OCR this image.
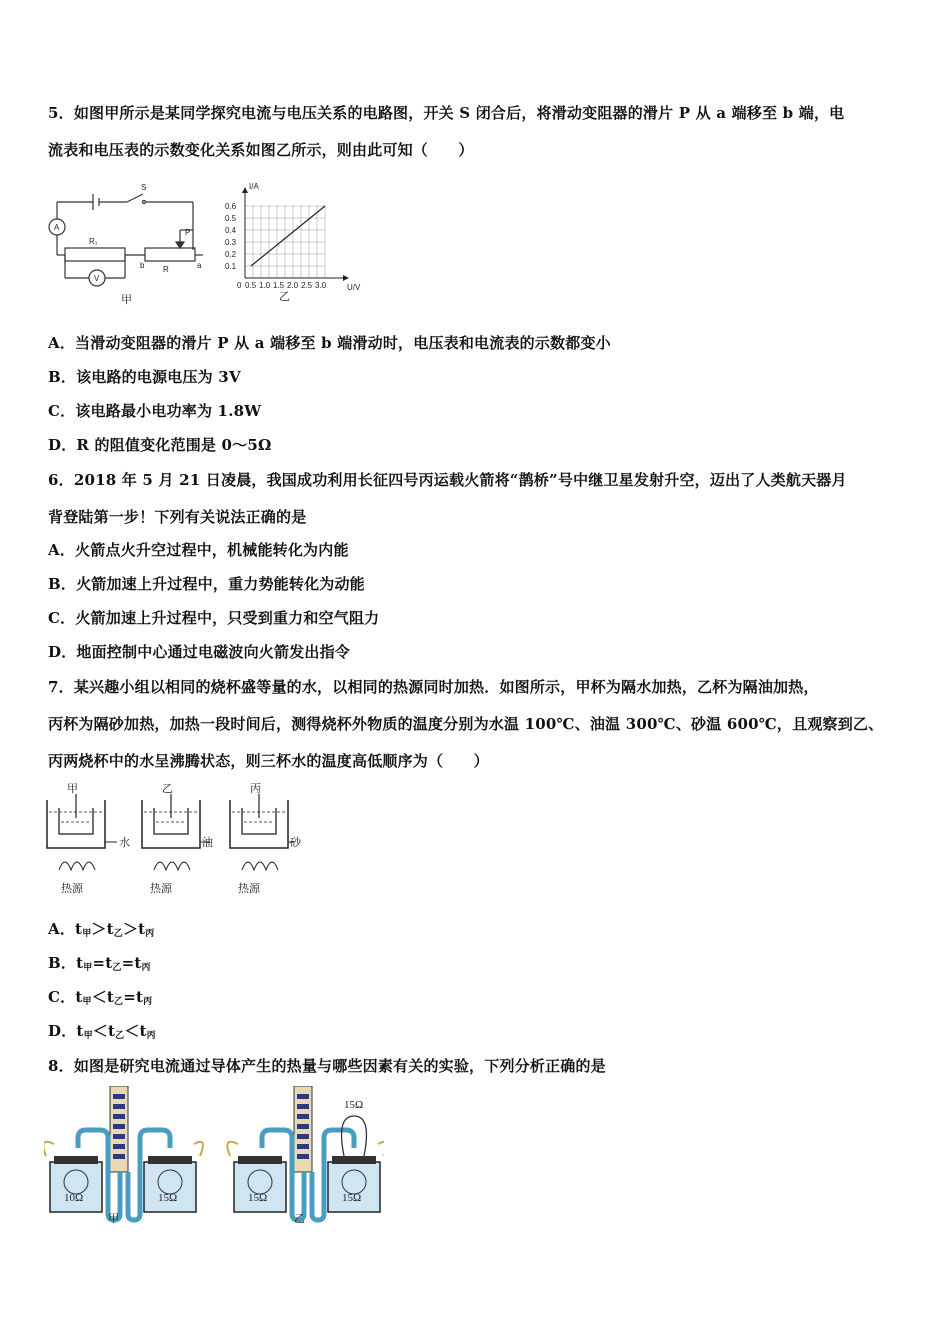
5．如图甲所示是某同学探究电流与电压关系的电路图，开关 S 闭合后，将滑动变阻器的滑片 P 从 a 端移至 b 端，电
流表和电压表的示数变化关系如图乙所示，则由此可知（　　）
A
V
S
R₁
R
P
b	a
甲
I/A
U/V
0.6
0.5
0.4
0.3
0.2
0.1
0 0.5 1.0 1.5 2.0 2.5 3.0
乙
A．当滑动变阻器的滑片 P 从 a 端移至 b 端滑动时，电压表和电流表的示数都变小
B．该电路的电源电压为 3V
C．该电路最小电功率为 1.8W
D．R 的阻值变化范围是 0～5Ω
6．2018 年 5 月 21 日凌晨，我国成功利用长征四号丙运载火箭将“鹊桥”号中继卫星发射升空，迈出了人类航天器月
背登陆第一步！下列有关说法正确的是
A．火箭点火升空过程中，机械能转化为内能
B．火箭加速上升过程中，重力势能转化为动能
C．火箭加速上升过程中，只受到重力和空气阻力
D．地面控制中心通过电磁波向火箭发出指令
7．某兴趣小组以相同的烧杯盛等量的水，以相同的热源同时加热．如图所示，甲杯为隔水加热，乙杯为隔油加热，
丙杯为隔砂加热，加热一段时间后，测得烧杯外物质的温度分别为水温 100℃、油温 300℃、砂温 600℃，且观察到乙、
丙两烧杯中的水呈沸腾状态，则三杯水的温度高低顺序为（　　）
甲
水
热源
乙
油
热源
丙
砂
热源
A．$t_甲>t_乙>t_丙$
B．$t_甲=t_乙=t_丙$
C．$t_甲<t_乙=t_丙$
D．$t_甲<t_乙<t_丙$
8．如图是研究电流通过导体产生的热量与哪些因素有关的实验，下列分析正确的是
10Ω	15Ω
甲
15Ω
15Ω	15Ω
乙
